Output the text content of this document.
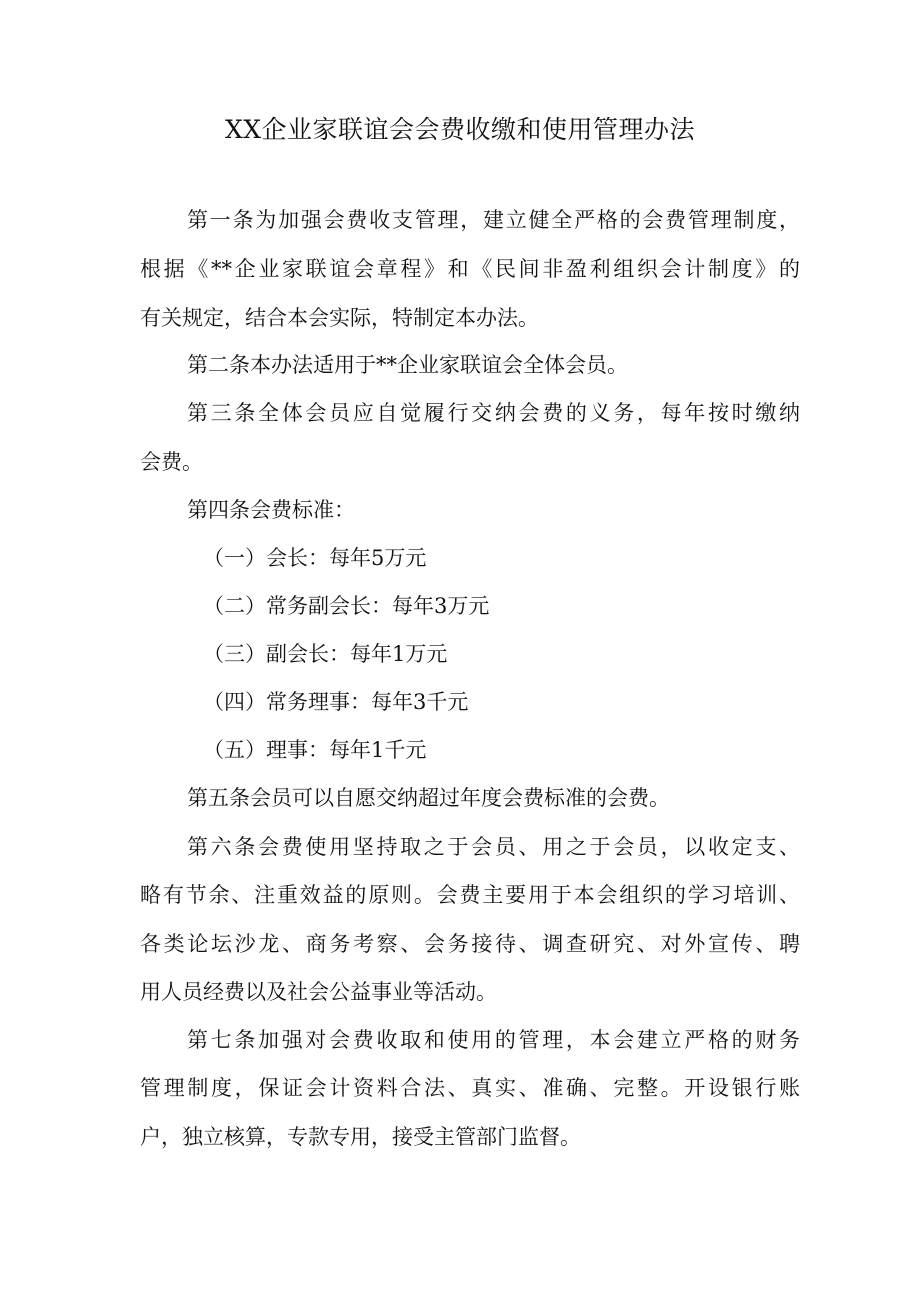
XX企业家联谊会会费收缴和使用管理办法
第一条为加强会费收支管理，建立健全严格的会费管理制度，
根据《**企业家联谊会章程》和《民间非盈利组织会计制度》的
有关规定，结合本会实际，特制定本办法。
第二条本办法适用于**企业家联谊会全体会员。
第三条全体会员应自觉履行交纳会费的义务，每年按时缴纳
会费。
第四条会费标准：
（一）会长：每年5万元
（二）常务副会长：每年3万元
（三）副会长：每年1万元
（四）常务理事：每年3千元
（五）理事：每年1千元
第五条会员可以自愿交纳超过年度会费标准的会费。
第六条会费使用坚持取之于会员、用之于会员，以收定支、
略有节余、注重效益的原则。会费主要用于本会组织的学习培训、
各类论坛沙龙、商务考察、会务接待、调查研究、对外宣传、聘
用人员经费以及社会公益事业等活动。
第七条加强对会费收取和使用的管理，本会建立严格的财务
管理制度，保证会计资料合法、真实、准确、完整。开设银行账
户，独立核算，专款专用，接受主管部门监督。
